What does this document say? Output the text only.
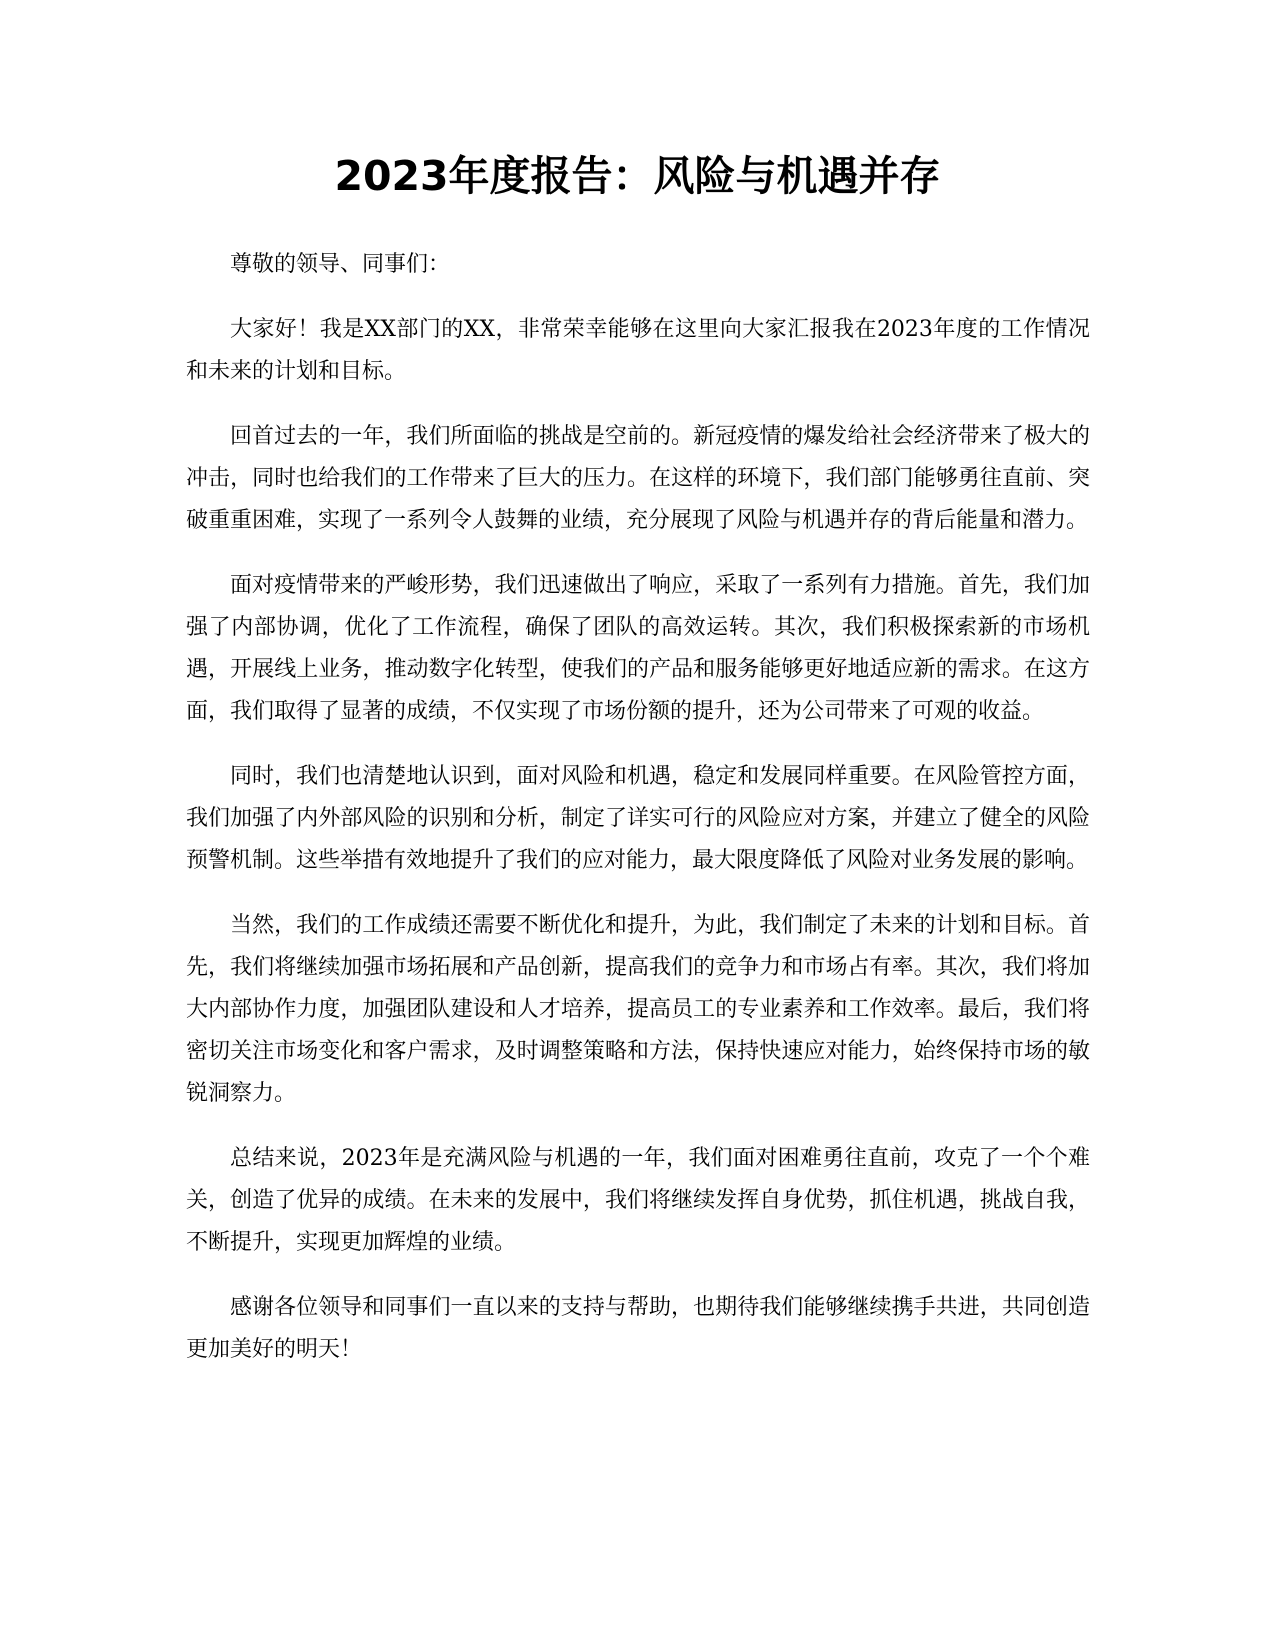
2023年度报告：风险与机遇并存

尊敬的领导、同事们：

大家好！我是XX部门的XX，非常荣幸能够在这里向大家汇报我在2023年度的工作情况和未来的计划和目标。

回首过去的一年，我们所面临的挑战是空前的。新冠疫情的爆发给社会经济带来了极大的冲击，同时也给我们的工作带来了巨大的压力。在这样的环境下，我们部门能够勇往直前、突破重重困难，实现了一系列令人鼓舞的业绩，充分展现了风险与机遇并存的背后能量和潜力。

面对疫情带来的严峻形势，我们迅速做出了响应，采取了一系列有力措施。首先，我们加强了内部协调，优化了工作流程，确保了团队的高效运转。其次，我们积极探索新的市场机遇，开展线上业务，推动数字化转型，使我们的产品和服务能够更好地适应新的需求。在这方面，我们取得了显著的成绩，不仅实现了市场份额的提升，还为公司带来了可观的收益。

同时，我们也清楚地认识到，面对风险和机遇，稳定和发展同样重要。在风险管控方面，我们加强了内外部风险的识别和分析，制定了详实可行的风险应对方案，并建立了健全的风险预警机制。这些举措有效地提升了我们的应对能力，最大限度降低了风险对业务发展的影响。

当然，我们的工作成绩还需要不断优化和提升，为此，我们制定了未来的计划和目标。首先，我们将继续加强市场拓展和产品创新，提高我们的竞争力和市场占有率。其次，我们将加大内部协作力度，加强团队建设和人才培养，提高员工的专业素养和工作效率。最后，我们将密切关注市场变化和客户需求，及时调整策略和方法，保持快速应对能力，始终保持市场的敏锐洞察力。

总结来说，2023年是充满风险与机遇的一年，我们面对困难勇往直前，攻克了一个个难关，创造了优异的成绩。在未来的发展中，我们将继续发挥自身优势，抓住机遇，挑战自我，不断提升，实现更加辉煌的业绩。

感谢各位领导和同事们一直以来的支持与帮助，也期待我们能够继续携手共进，共同创造更加美好的明天！
